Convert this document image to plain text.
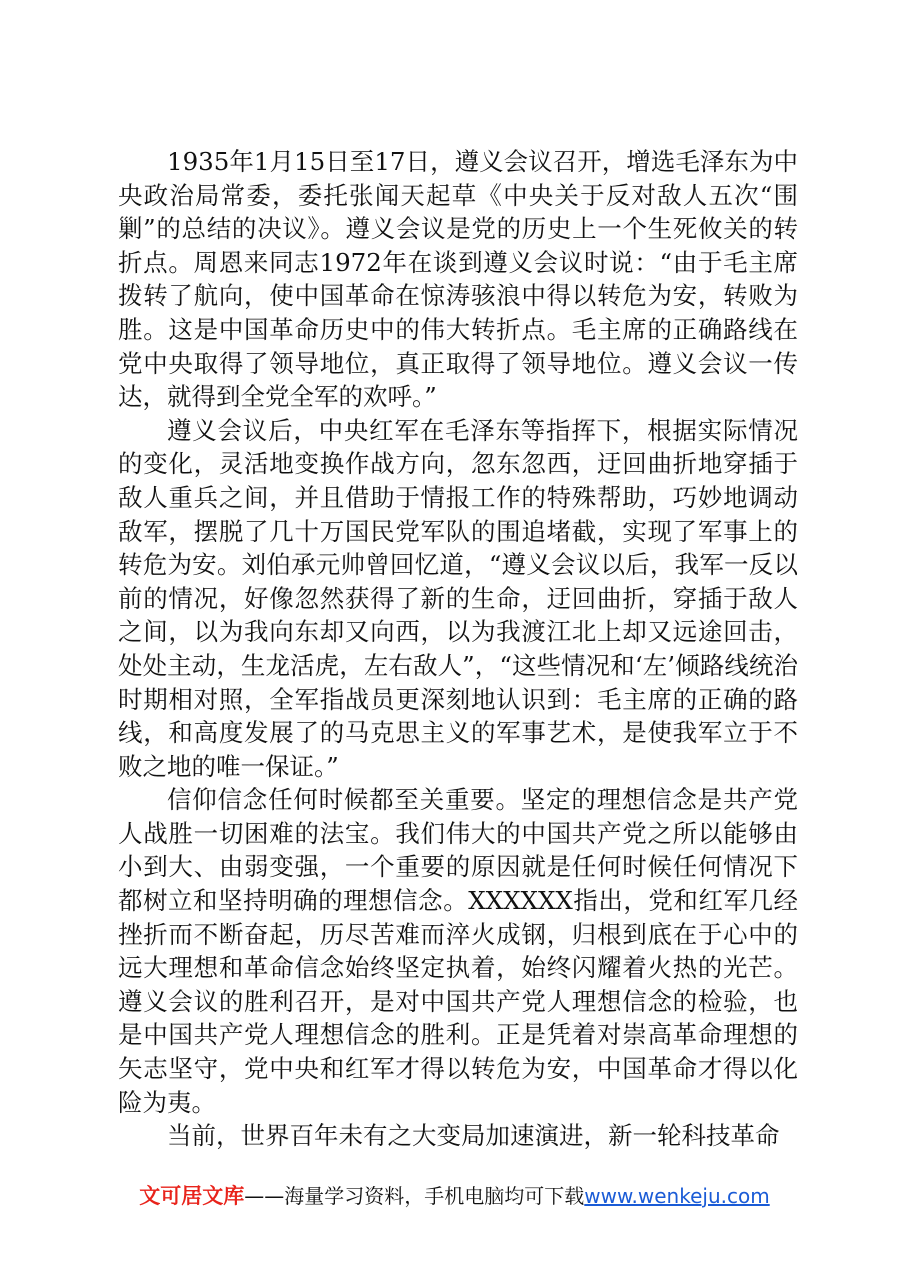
1935年1月15日至17日，遵义会议召开，增选毛泽东为中央政治局常委，委托张闻天起草《中央关于反对敌人五次“围剿”的总结的决议》。遵义会议是党的历史上一个生死攸关的转折点。周恩来同志1972年在谈到遵义会议时说：“由于毛主席拨转了航向，使中国革命在惊涛骇浪中得以转危为安，转败为胜。这是中国革命历史中的伟大转折点。毛主席的正确路线在党中央取得了领导地位，真正取得了领导地位。遵义会议一传达，就得到全党全军的欢呼。”

遵义会议后，中央红军在毛泽东等指挥下，根据实际情况的变化，灵活地变换作战方向，忽东忽西，迂回曲折地穿插于敌人重兵之间，并且借助于情报工作的特殊帮助，巧妙地调动敌军，摆脱了几十万国民党军队的围追堵截，实现了军事上的转危为安。刘伯承元帅曾回忆道，“遵义会议以后，我军一反以前的情况，好像忽然获得了新的生命，迂回曲折，穿插于敌人之间，以为我向东却又向西，以为我渡江北上却又远途回击，处处主动，生龙活虎，左右敌人”，“这些情况和‘左’倾路线统治时期相对照，全军指战员更深刻地认识到：毛主席的正确的路线，和高度发展了的马克思主义的军事艺术，是使我军立于不败之地的唯一保证。”

信仰信念任何时候都至关重要。坚定的理想信念是共产党人战胜一切困难的法宝。我们伟大的中国共产党之所以能够由小到大、由弱变强，一个重要的原因就是任何时候任何情况下都树立和坚持明确的理想信念。XXXXXX指出，党和红军几经挫折而不断奋起，历尽苦难而淬火成钢，归根到底在于心中的远大理想和革命信念始终坚定执着，始终闪耀着火热的光芒。遵义会议的胜利召开，是对中国共产党人理想信念的检验，也是中国共产党人理想信念的胜利。正是凭着对崇高革命理想的矢志坚守，党中央和红军才得以转危为安，中国革命才得以化险为夷。

当前，世界百年未有之大变局加速演进，新一轮科技革命

文可居文库——海量学习资料，手机电脑均可下载www.wenkeju.com
